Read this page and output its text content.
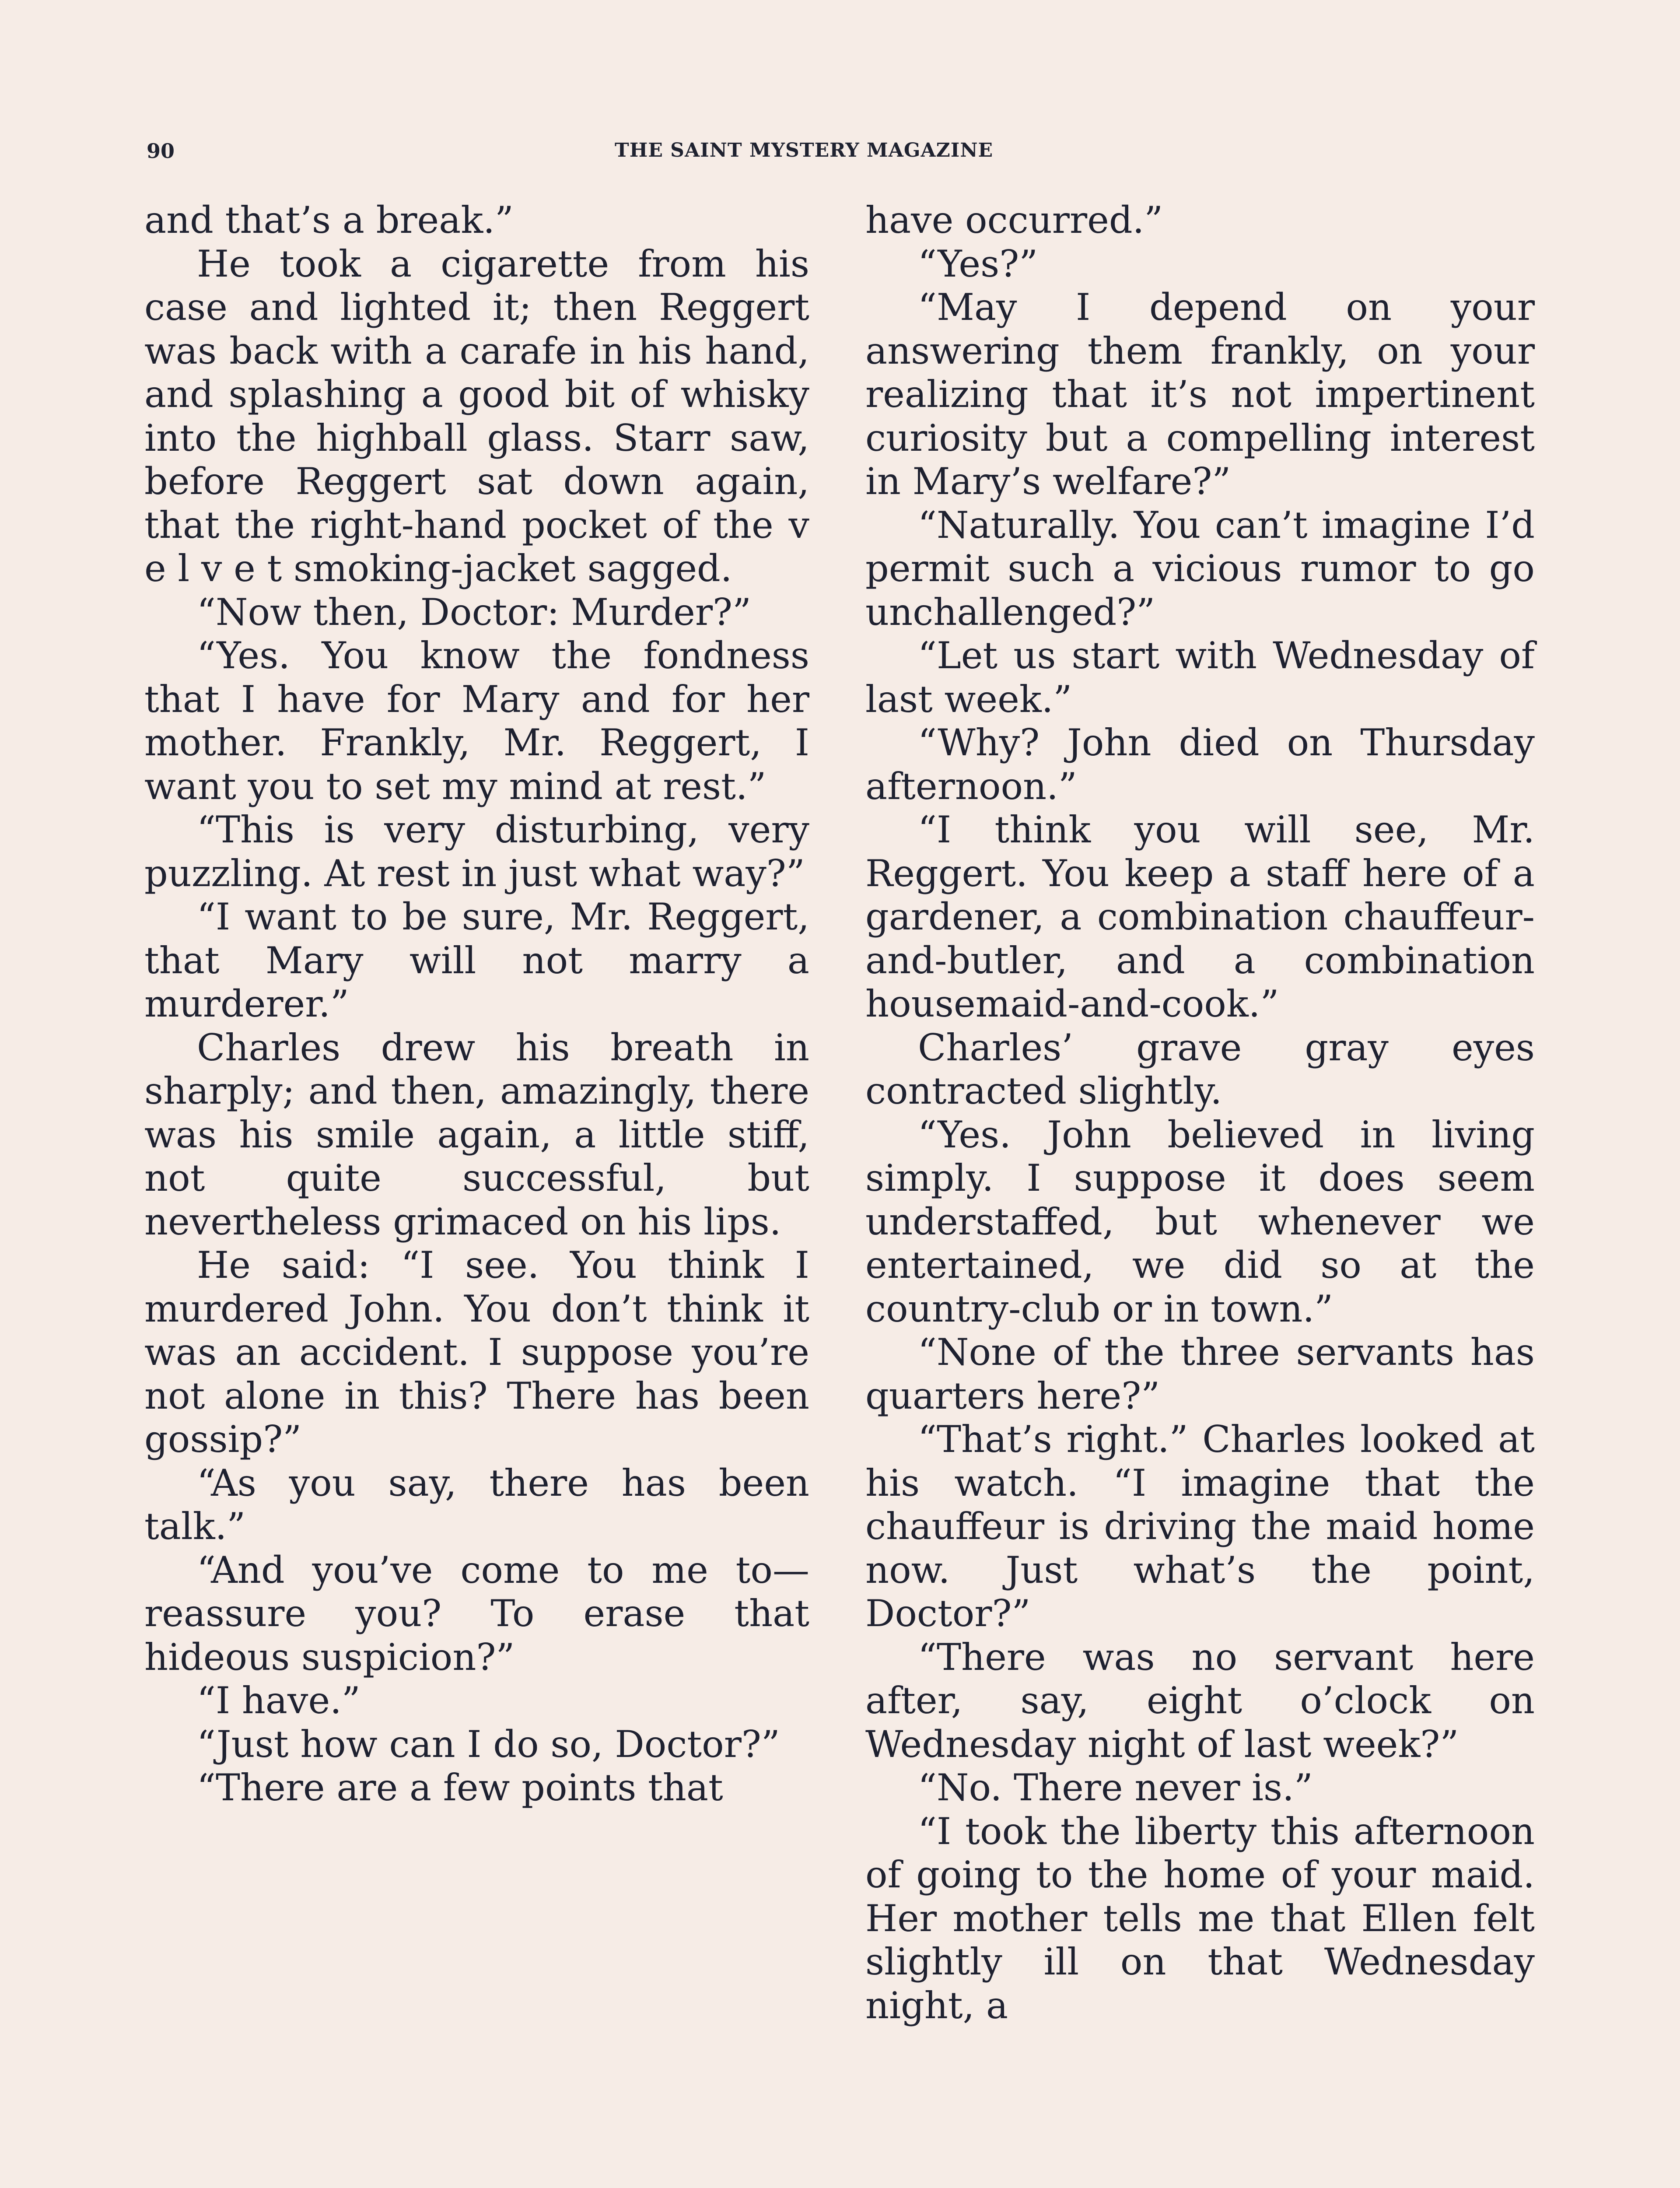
90	THE SAINT MYSTERY MAGAZINE

and that’s a break.”

He took a cigarette from his case and lighted it; then Reggert was back with a carafe in his hand, and splashing a good bit of whisky into the highball glass. Starr saw, before Reggert sat down again, that the right-hand pocket of the v e l v e t smoking-jacket sagged.

“Now then, Doctor: Murder?”

“Yes. You know the fondness that I have for Mary and for her mother. Frankly, Mr. Reggert, I want you to set my mind at rest.”

“This is very disturbing, very puzzling. At rest in just what way?”

“I want to be sure, Mr. Reggert, that Mary will not marry a murderer.”

Charles drew his breath in sharply; and then, amazingly, there was his smile again, a little stiff, not quite successful, but nevertheless grimaced on his lips.

He said: “I see. You think I murdered John. You don’t think it was an accident. I suppose you’re not alone in this? There has been gossip?”

“As you say, there has been talk.”

“And you’ve come to me to—reassure you? To erase that hideous suspicion?”

“I have.”

“Just how can I do so, Doctor?”

“There are a few points that

have occurred.”

“Yes?”

“May I depend on your answering them frankly, on your realizing that it’s not impertinent curiosity but a compelling interest in Mary’s welfare?”

“Naturally. You can’t imagine I’d permit such a vicious rumor to go unchallenged?”

“Let us start with Wednesday of last week.”

“Why? John died on Thursday afternoon.”

“I think you will see, Mr. Reggert. You keep a staff here of a gardener, a combination chauffeur-and-butler, and a combination housemaid-and-cook.”

Charles’ grave gray eyes contracted slightly.

“Yes. John believed in living simply. I suppose it does seem understaffed, but whenever we entertained, we did so at the country-club or in town.”

“None of the three servants has quarters here?”

“That’s right.” Charles looked at his watch. “I imagine that the chauffeur is driving the maid home now. Just what’s the point, Doctor?”

“There was no servant here after, say, eight o’clock on Wednesday night of last week?”

“No. There never is.”

“I took the liberty this afternoon of going to the home of your maid. Her mother tells me that Ellen felt slightly ill on that Wednesday night, a
